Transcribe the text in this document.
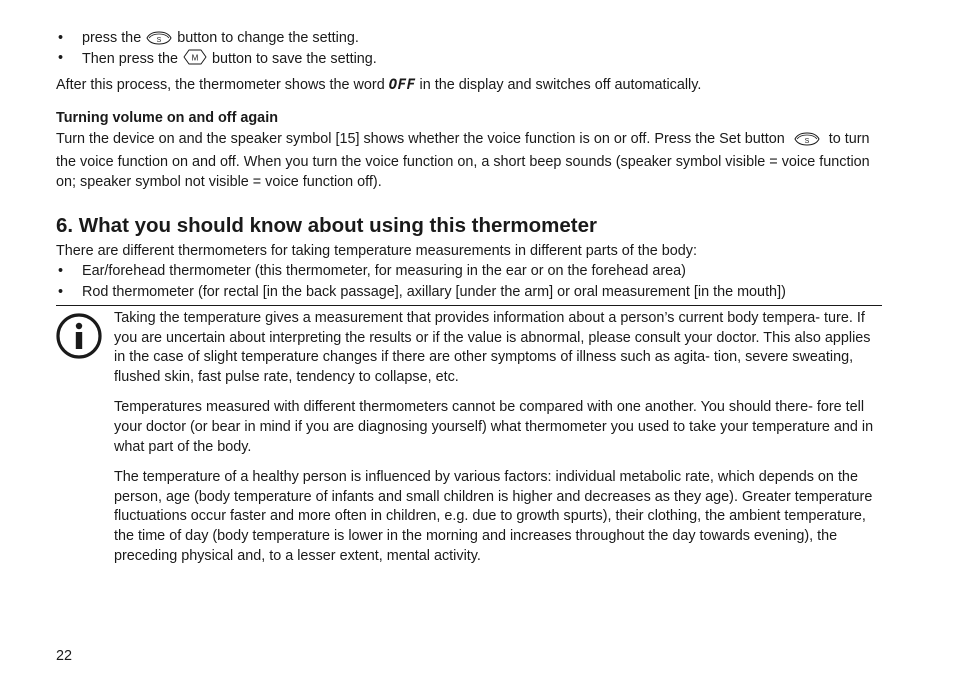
• press the S button to change the setting.
• Then press the M button to save the setting.

After this process, the thermometer shows the word OFF in the display and switches off automatically.

Turning volume on and off again

Turn the device on and the speaker symbol [15] shows whether the voice function is on or off. Press the Set button	S to turn the voice function on and off. When you turn the voice function on, a short beep sounds (speaker symbol visible = voice function on; speaker symbol not visible = voice function off).

6. What you should know about using this thermometer

There are different thermometers for taking temperature measurements in different parts of the body:

• Ear/forehead thermometer (this thermometer, for measuring in the ear or on the forehead area)
• Rod thermometer (for rectal [in the back passage], axillary [under the arm] or oral measurement [in the mouth])

Taking the temperature gives a measurement that provides information about a person’s current body tempera- ture. If you are uncertain about interpreting the results or if the value is abnormal, please consult your doctor. This also applies in the case of slight temperature changes if there are other symptoms of illness such as agita- tion, severe sweating, flushed skin, fast pulse rate, tendency to collapse, etc.

Temperatures measured with different thermometers cannot be compared with one another. You should there- fore tell your doctor (or bear in mind if you are diagnosing yourself) what thermometer you used to take your temperature and in what part of the body.

The temperature of a healthy person is influenced by various factors: individual metabolic rate, which depends on the person, age (body temperature of infants and small children is higher and decreases as they age). Greater temperature fluctuations occur faster and more often in children, e.g. due to growth spurts), their clothing, the ambient temperature, the time of day (body temperature is lower in the morning and increases throughout the day towards evening), the preceding physical and, to a lesser extent, mental activity.

22
